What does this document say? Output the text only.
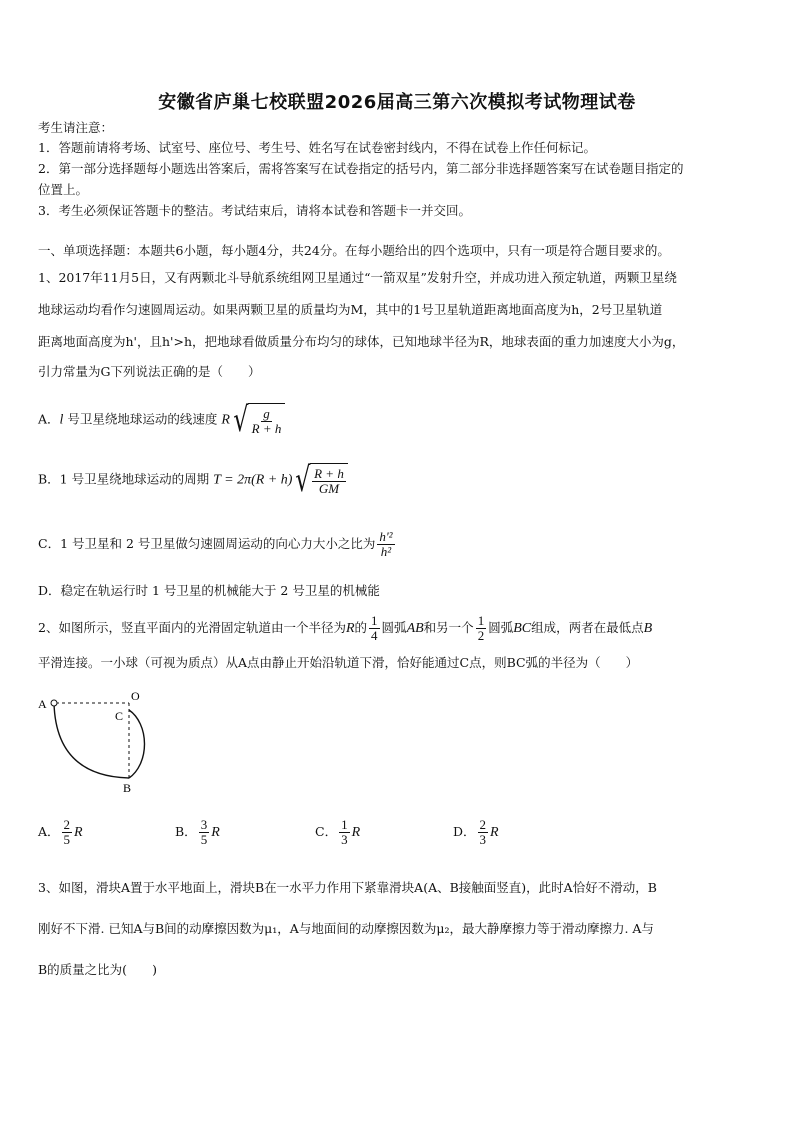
安徽省庐巢七校联盟2026届高三第六次模拟考试物理试卷
考生请注意：
1．答题前请将考场、试室号、座位号、考生号、姓名写在试卷密封线内，不得在试卷上作任何标记。
2．第一部分选择题每小题选出答案后，需将答案写在试卷指定的括号内，第二部分非选择题答案写在试卷题目指定的
位置上。
3．考生必须保证答题卡的整洁。考试结束后，请将本试卷和答题卡一并交回。
一、单项选择题：本题共6小题，每小题4分，共24分。在每小题给出的四个选项中，只有一项是符合题目要求的。
1、2017年11月5日，又有两颗北斗导航系统组网卫星通过“一箭双星”发射升空，并成功进入预定轨道，两颗卫星绕
地球运动均看作匀速圆周运动。如果两颗卫星的质量均为M，其中的1号卫星轨道距离地面高度为h，2号卫星轨道
距离地面高度为h'，且h'>h，把地球看做质量分布均匀的球体，已知地球半径为R，地球表面的重力加速度大小为g，
引力常量为G下列说法正确的是（　　）
A．l 号卫星绕地球运动的线速度 R √ $\frac{g}{R + h}$
B．1 号卫星绕地球运动的周期 T = 2π(R + h) √ $\frac{R + h}{GM}$
C．1 号卫星和 2 号卫星做匀速圆周运动的向心力大小之比为 $\frac{\text{h'²}}{\text{h²}}$
D．稳定在轨运行时 1 号卫星的机械能大于 2 号卫星的机械能
2、如图所示，竖直平面内的光滑固定轨道由一个半径为R的 $\frac{1}{4}$ 圆弧AB和另一个 $\frac{1}{2}$ 圆弧BC组成，两者在最低点B
平滑连接。一小球（可视为质点）从A点由静止开始沿轨道下滑，恰好能通过C点，则BC弧的半径为（　　）
A
O
C
B
A． $\frac{2}{5}$ R	B． $\frac{3}{5}$ R	C． $\frac{1}{3}$ R	D． $\frac{2}{3}$ R
3、如图，滑块A置于水平地面上，滑块B在一水平力作用下紧靠滑块A(A、B接触面竖直)，此时A恰好不滑动，B
刚好不下滑. 已知A与B间的动摩擦因数为μ₁，A与地面间的动摩擦因数为μ₂，最大静摩擦力等于滑动摩擦力. A与
B的质量之比为(　　)
